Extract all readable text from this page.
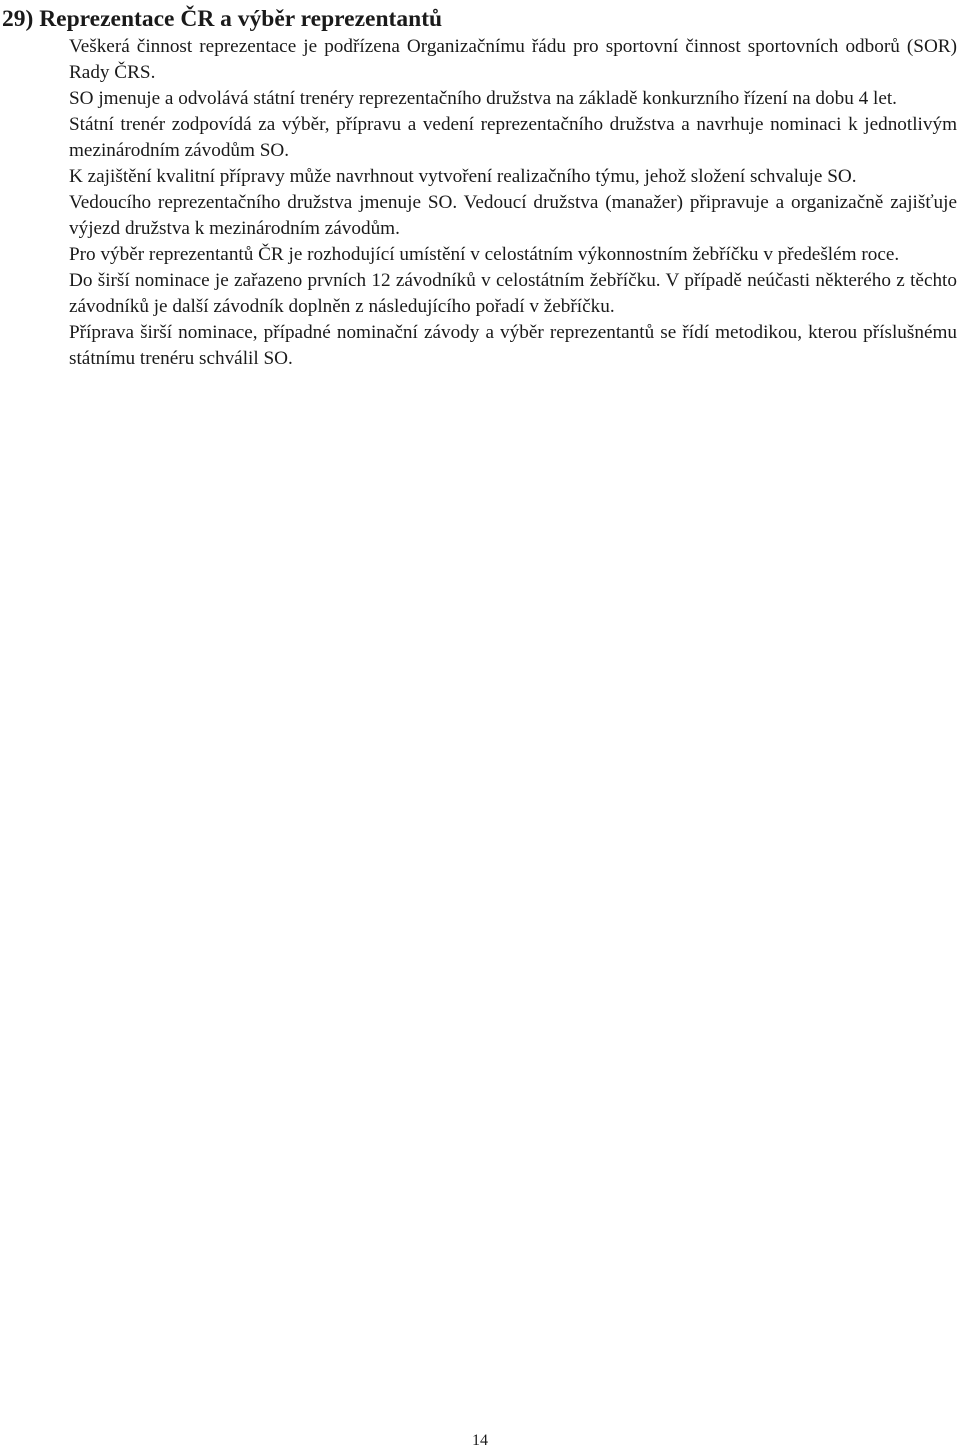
29) Reprezentace ČR a výběr reprezentantů

Veškerá činnost reprezentace je podřízena Organizačnímu řádu pro sportovní činnost sportovních odborů (SOR) Rady ČRS.

SO jmenuje a odvolává státní trenéry reprezentačního družstva na základě konkurzního řízení na dobu 4 let.

Státní trenér zodpovídá za výběr, přípravu a vedení reprezentačního družstva a navrhuje nominaci k jednotlivým mezinárodním závodům SO.

K zajištění kvalitní přípravy může navrhnout vytvoření realizačního týmu, jehož složení schvaluje SO.

Vedoucího reprezentačního družstva jmenuje SO. Vedoucí družstva (manažer) připravuje a organizačně zajišťuje výjezd družstva k mezinárodním závodům.

Pro výběr reprezentantů ČR je rozhodující umístění v celostátním výkonnostním žebříčku v předešlém roce.

Do širší nominace je zařazeno prvních 12 závodníků v celostátním žebříčku. V případě neúčasti některého z těchto závodníků je další závodník doplněn z následujícího pořadí v žebříčku.

Příprava širší nominace, případné nominační závody a výběr reprezentantů se řídí metodikou, kterou příslušnému státnímu trenéru schválil SO.

14
